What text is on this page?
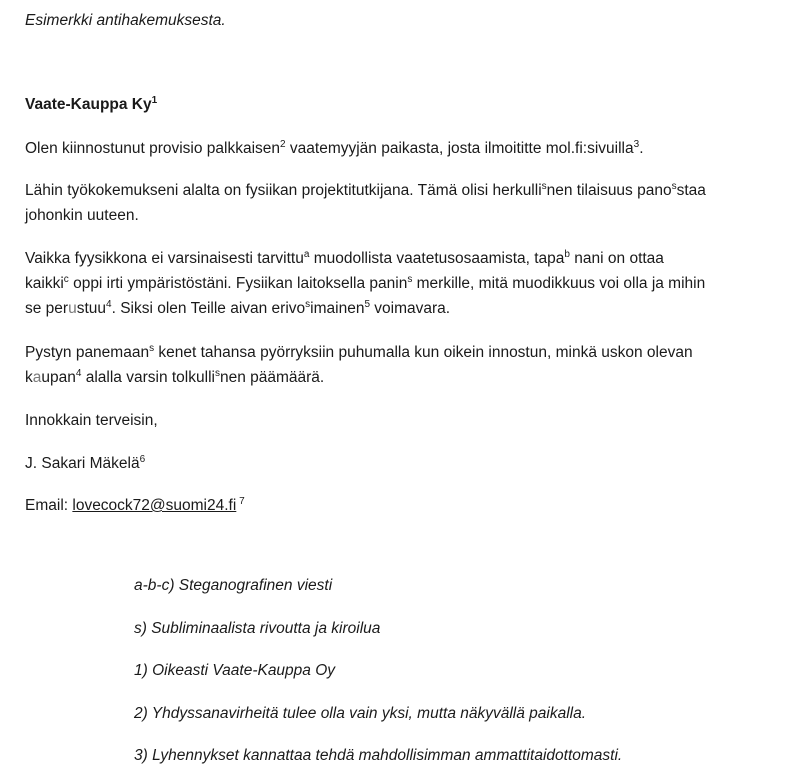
Esimerkki antihakemuksesta.

Vaate-Kauppa Ky$^1$

Olen kiinnostunut provisio palkkaisen$^2$ vaatemyyjän paikasta, josta ilmoititte mol.fi:sivuilla$^3$.

Lähin työkokemukseni alalta on fysiikan projektitutkijana. Tämä olisi herkulli$^s$nen tilaisuus pano$^s$staa
johonkin uuteen.
Vaikka fyysikkona ei varsinaisesti tarvittu$^a$ muodollista vaatetusosaamista, tapa$^b$ nani on ottaa
kaikki$^c$ oppi irti ympäristöstäni. Fysiikan laitoksella panin$^s$ merkille, mitä muodikkuus voi olla ja mihin
se perustuu$^4$. Siksi olen Teille aivan erivo$^s$imainen$^5$ voimavara.
Pystyn panemaan$^s$ kenet tahansa pyörryksiin puhumalla kun oikein innostun, minkä uskon olevan
kaupan$^4$ alalla varsin tolkulli$^s$nen päämäärä.

Innokkain terveisin,

J. Sakari Mäkelä$^6$

Email: lovecock72@suomi24.fi $^7$

a-b-c) Steganografinen viesti

s) Subliminaalista rivoutta ja kiroilua

1) Oikeasti Vaate-Kauppa Oy

2) Yhdyssanavirheitä tulee olla vain yksi, mutta näkyvällä paikalla.

3) Lyhennykset kannattaa tehdä mahdollisimman ammattitaidottomasti.
